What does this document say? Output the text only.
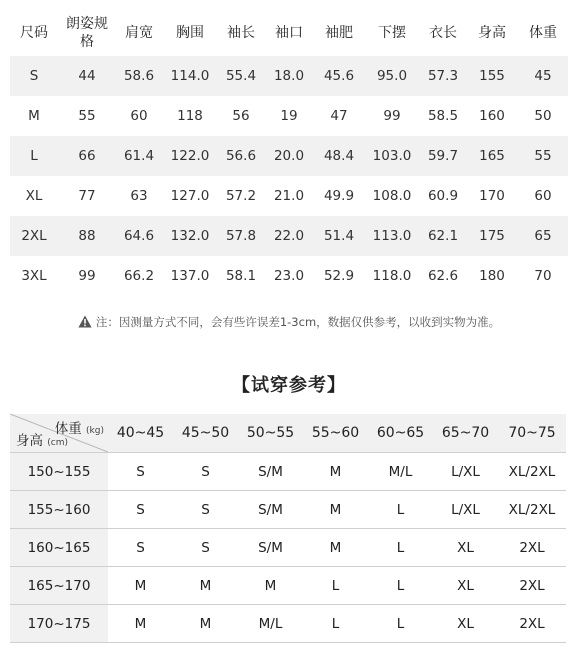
尺码	朗姿规格	肩宽	胸围	袖长	袖口	袖肥	下摆	衣长	身高	体重
S	44	58.6	114.0	55.4	18.0	45.6	95.0	57.3	155	45
M	55	60	118	56	19	47	99	58.5	160	50
L	66	61.4	122.0	56.6	20.0	48.4	103.0	59.7	165	55
XL	77	63	127.0	57.2	21.0	49.9	108.0	60.9	170	60
2XL	88	64.6	132.0	57.8	22.0	51.4	113.0	62.1	175	65
3XL	99	66.2	137.0	58.1	23.0	52.9	118.0	62.6	180	70
注：因测量方式不同，会有些许误差1-3cm，数据仅供参考，以收到实物为准。
【试穿参考】
体重 (kg)
身高 (cm)	40~45	45~50	50~55	55~60	60~65	65~70	70~75
150~155	S	S	S/M	M	M/L	L/XL	XL/2XL
155~160	S	S	S/M	M	L	L/XL	XL/2XL
160~165	S	S	S/M	M	L	XL	2XL
165~170	M	M	M	L	L	XL	2XL
170~175	M	M	M/L	L	L	XL	2XL
